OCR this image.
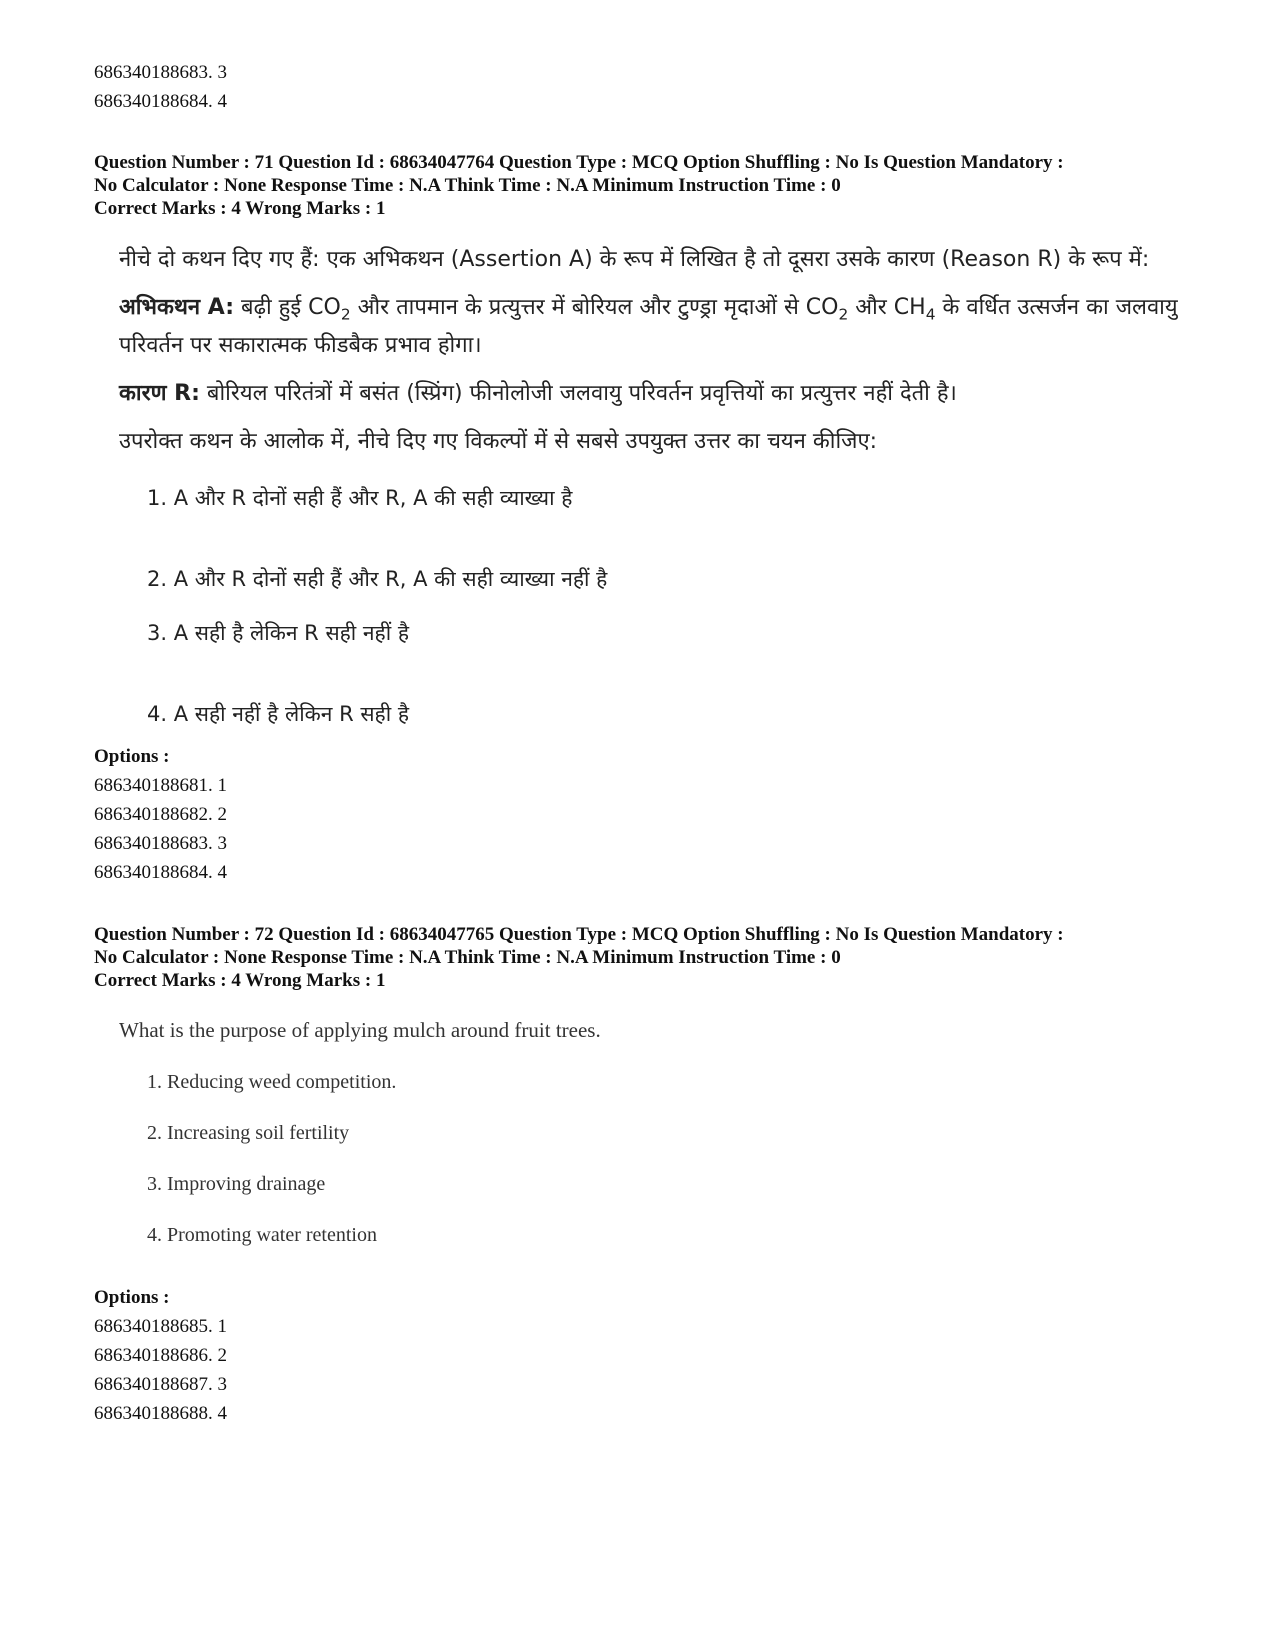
686340188683. 3
686340188684. 4

Question Number : 71 Question Id : 68634047764 Question Type : MCQ Option Shuffling : No Is Question Mandatory :

No Calculator : None Response Time : N.A Think Time : N.A Minimum Instruction Time : 0

Correct Marks : 4 Wrong Marks : 1

नीचे दो कथन दिए गए हैं: एक अभिकथन (Assertion A) के रूप में लिखित है तो दूसरा उसके कारण (Reason R) के रूप में:

अभिकथन A: बढ़ी हुई $CO_2$ और तापमान के प्रत्युत्तर में बोरियल और टुण्ड्रा मृदाओं से $CO_2$ और $CH_4$ के वर्धित उत्सर्जन का जलवायु परिवर्तन पर सकारात्मक फीडबैक प्रभाव होगा।

कारण R: बोरियल परितंत्रों में बसंत (स्प्रिंग) फीनोलोजी जलवायु परिवर्तन प्रवृत्तियों का प्रत्युत्तर नहीं देती है।

उपरोक्त कथन के आलोक में, नीचे दिए गए विकल्पों में से सबसे उपयुक्त उत्तर का चयन कीजिए:

1. A और R दोनों सही हैं और R, A की सही व्याख्या है
2. A और R दोनों सही हैं और R, A की सही व्याख्या नहीं है
3. A सही है लेकिन R सही नहीं है
4. A सही नहीं है लेकिन R सही है
Options :
686340188681. 1
686340188682. 2
686340188683. 3
686340188684. 4

Question Number : 72 Question Id : 68634047765 Question Type : MCQ Option Shuffling : No Is Question Mandatory :

No Calculator : None Response Time : N.A Think Time : N.A Minimum Instruction Time : 0

Correct Marks : 4 Wrong Marks : 1

What is the purpose of applying mulch around fruit trees.
1. Reducing weed competition.
2. Increasing soil fertility
3. Improving drainage
4. Promoting water retention
Options :
686340188685. 1
686340188686. 2
686340188687. 3
686340188688. 4
